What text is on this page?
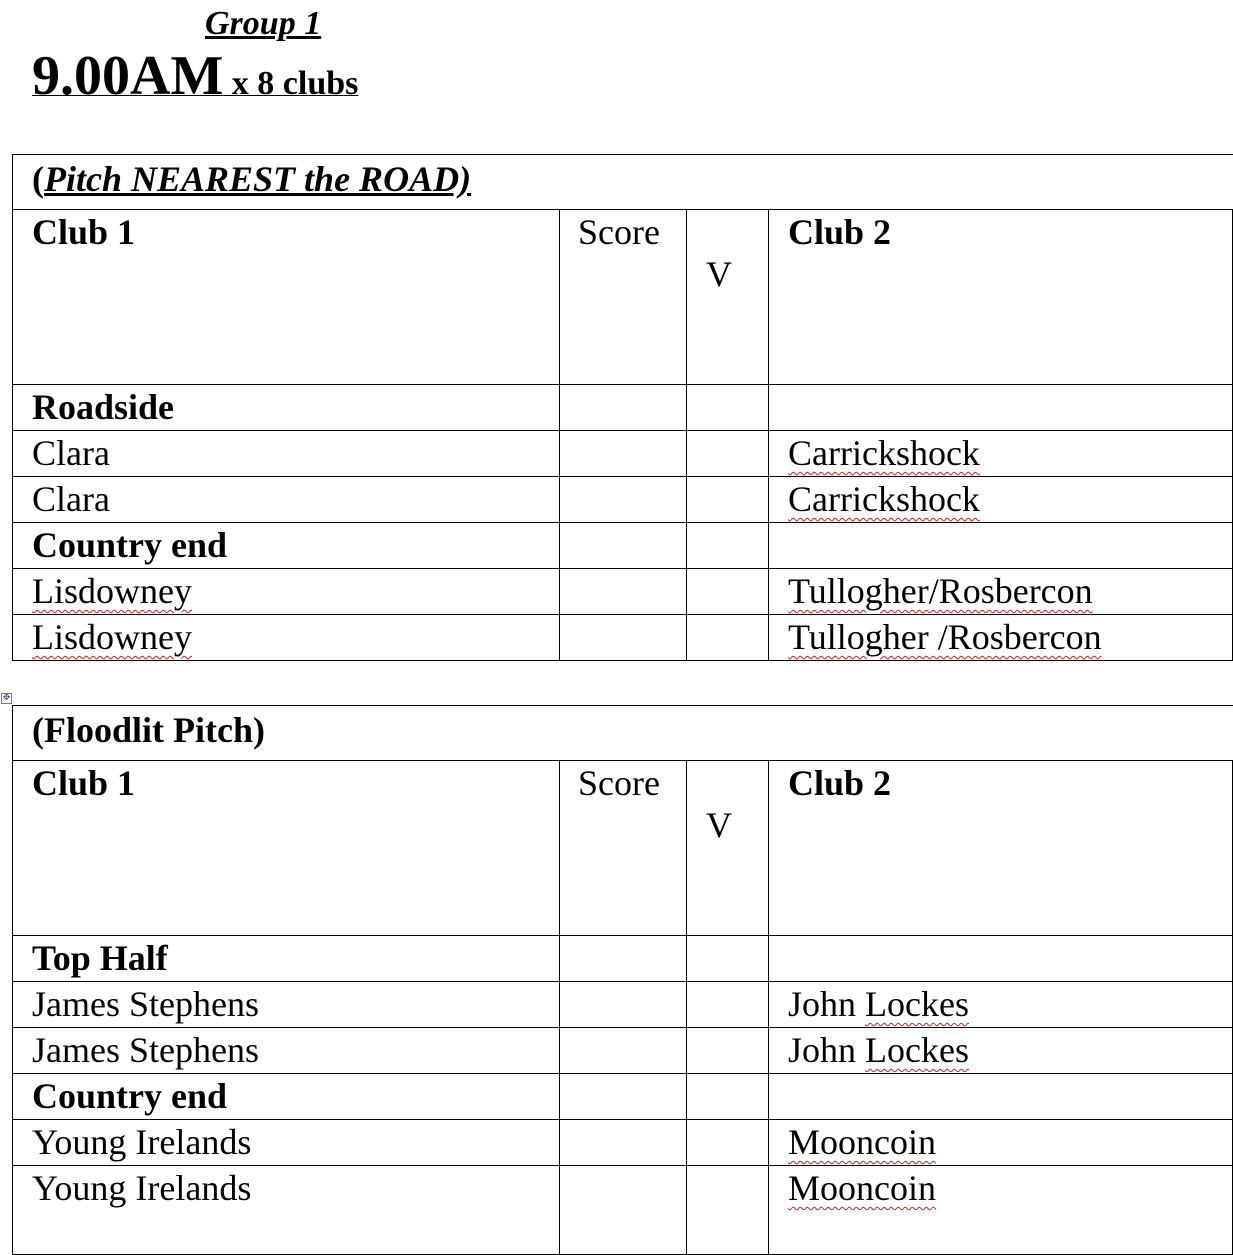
Group 1
9.00AM x 8 clubs
(Pitch NEAREST the ROAD)			
Club 1	Score	V	Club 2
Roadside			
Clara			Carrickshock
Clara			Carrickshock
Country end			
Lisdowney			Tullogher/Rosbercon
Lisdowney			Tullogher /Rosbercon
✥
(Floodlit Pitch)			
Club 1	Score	V	Club 2
Top Half			
James Stephens			John Lockes
James Stephens			John Lockes
Country end			
Young Irelands			Mooncoin
Young Irelands			Mooncoin
